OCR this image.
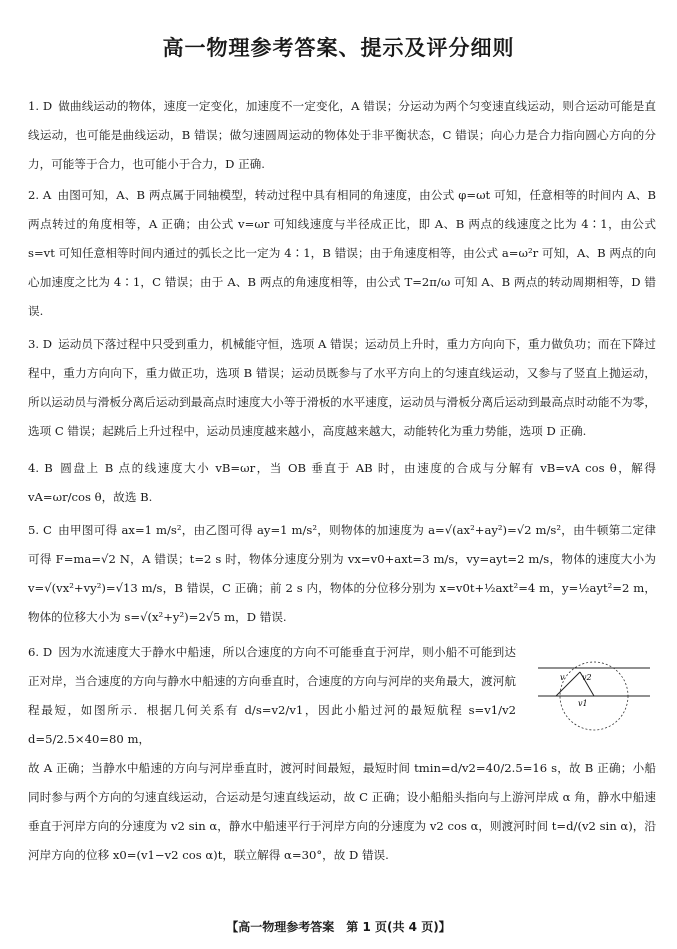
高一物理参考答案、提示及评分细则

1. D 做曲线运动的物体，速度一定变化，加速度不一定变化，A 错误；分运动为两个匀变速直线运动，则合运动可能是直线运动，也可能是曲线运动，B 错误；做匀速圆周运动的物体处于非平衡状态，C 错误；向心力是合力指向圆心方向的分力，可能等于合力，也可能小于合力，D 正确.

2. A 由图可知，A、B 两点属于同轴模型，转动过程中具有相同的角速度，由公式 φ=ωt 可知，任意相等的时间内 A、B 两点转过的角度相等，A 正确；由公式 v=ωr 可知线速度与半径成正比，即 A、B 两点的线速度之比为 4∶1，由公式 s=vt 可知任意相等时间内通过的弧长之比一定为 4∶1，B 错误；由于角速度相等，由公式 a=ω²r 可知，A、B 两点的向心加速度之比为 4∶1，C 错误；由于 A、B 两点的角速度相等，由公式 T=2π/ω 可知 A、B 两点的转动周期相等，D 错误.

3. D 运动员下落过程中只受到重力，机械能守恒，选项 A 错误；运动员上升时，重力方向向下，重力做负功；而在下降过程中，重力方向向下，重力做正功，选项 B 错误；运动员既参与了水平方向上的匀速直线运动，又参与了竖直上抛运动，所以运动员与滑板分离后运动到最高点时速度大小等于滑板的水平速度，运动员与滑板分离后运动到最高点时动能不为零，选项 C 错误；起跳后上升过程中，运动员速度越来越小，高度越来越大，动能转化为重力势能，选项 D 正确.

4. B 圆盘上 B 点的线速度大小 vB=ωr，当 OB 垂直于 AB 时，由速度的合成与分解有 vB=vA cos θ，解得 vA=ωr/cos θ，故选 B.

5. C 由甲图可得 ax=1 m/s²，由乙图可得 ay=1 m/s²，则物体的加速度为 a=√(ax²+ay²)=√2 m/s²，由牛顿第二定律可得 F=ma=√2 N，A 错误；t=2 s 时，物体分速度分别为 vx=v0+axt=3 m/s，vy=ayt=2 m/s，物体的速度大小为 v=√(vx²+vy²)=√13 m/s，B 错误，C 正确；前 2 s 内，物体的分位移分别为 x=v0t+½axt²=4 m，y=½ayt²=2 m，物体的位移大小为 s=√(x²+y²)=2√5 m，D 错误.

6. D 因为水流速度大于静水中船速，所以合速度的方向不可能垂直于河岸，则小船不可能到达正对岸，当合速度的方向与静水中船速的方向垂直时，合速度的方向与河岸的夹角最大，渡河航程最短，如图所示．根据几何关系有 d/s=v2/v1，因此小船过河的最短航程 s=v1/v2 d=5/2.5×40=80 m，

故 A 正确；当静水中船速的方向与河岸垂直时，渡河时间最短，最短时间 tmin=d/v2=40/2.5=16 s，故 B 正确；小船同时参与两个方向的匀速直线运动，合运动是匀速直线运动，故 C 正确；设小船船头指向与上游河岸成 α 角，静水中船速垂直于河岸方向的分速度为 v2 sin α，静水中船速平行于河岸方向的分速度为 v2 cos α，则渡河时间 t=d/(v2 sin α)，沿河岸方向的位移 x0=(v1−v2 cos α)t，联立解得 α=30°，故 D 错误.

v v2
v1
【高一物理参考答案　第 1 页(共 4 页)】
